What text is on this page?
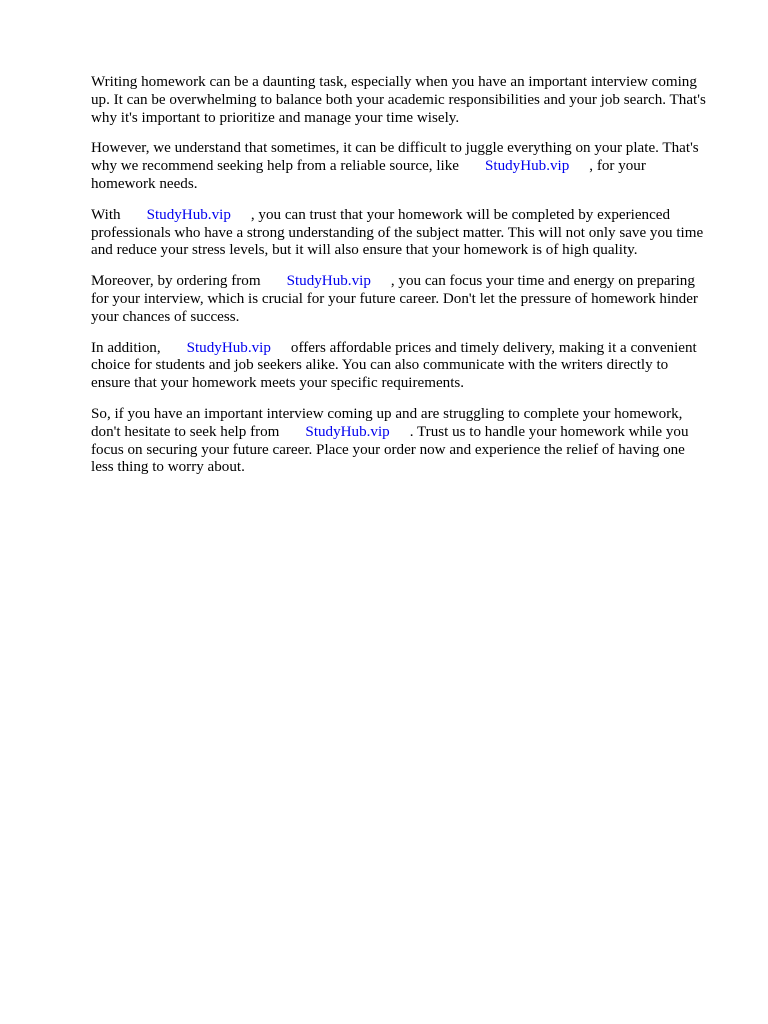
Writing homework can be a daunting task, especially when you have an important interview coming
up. It can be overwhelming to balance both your academic responsibilities and your job search. That's
why it's important to prioritize and manage your time wisely.

However, we understand that sometimes, it can be difficult to juggle everything on your plate. That's
why we recommend seeking help from a reliable source, like StudyHub.vip , for your
homework needs.

With StudyHub.vip , you can trust that your homework will be completed by experienced
professionals who have a strong understanding of the subject matter. This will not only save you time
and reduce your stress levels, but it will also ensure that your homework is of high quality.

Moreover, by ordering from StudyHub.vip , you can focus your time and energy on preparing
for your interview, which is crucial for your future career. Don't let the pressure of homework hinder
your chances of success.

In addition, StudyHub.vip offers affordable prices and timely delivery, making it a convenient
choice for students and job seekers alike. You can also communicate with the writers directly to
ensure that your homework meets your specific requirements.

So, if you have an important interview coming up and are struggling to complete your homework,
don't hesitate to seek help from StudyHub.vip . Trust us to handle your homework while you
focus on securing your future career. Place your order now and experience the relief of having one
less thing to worry about.
